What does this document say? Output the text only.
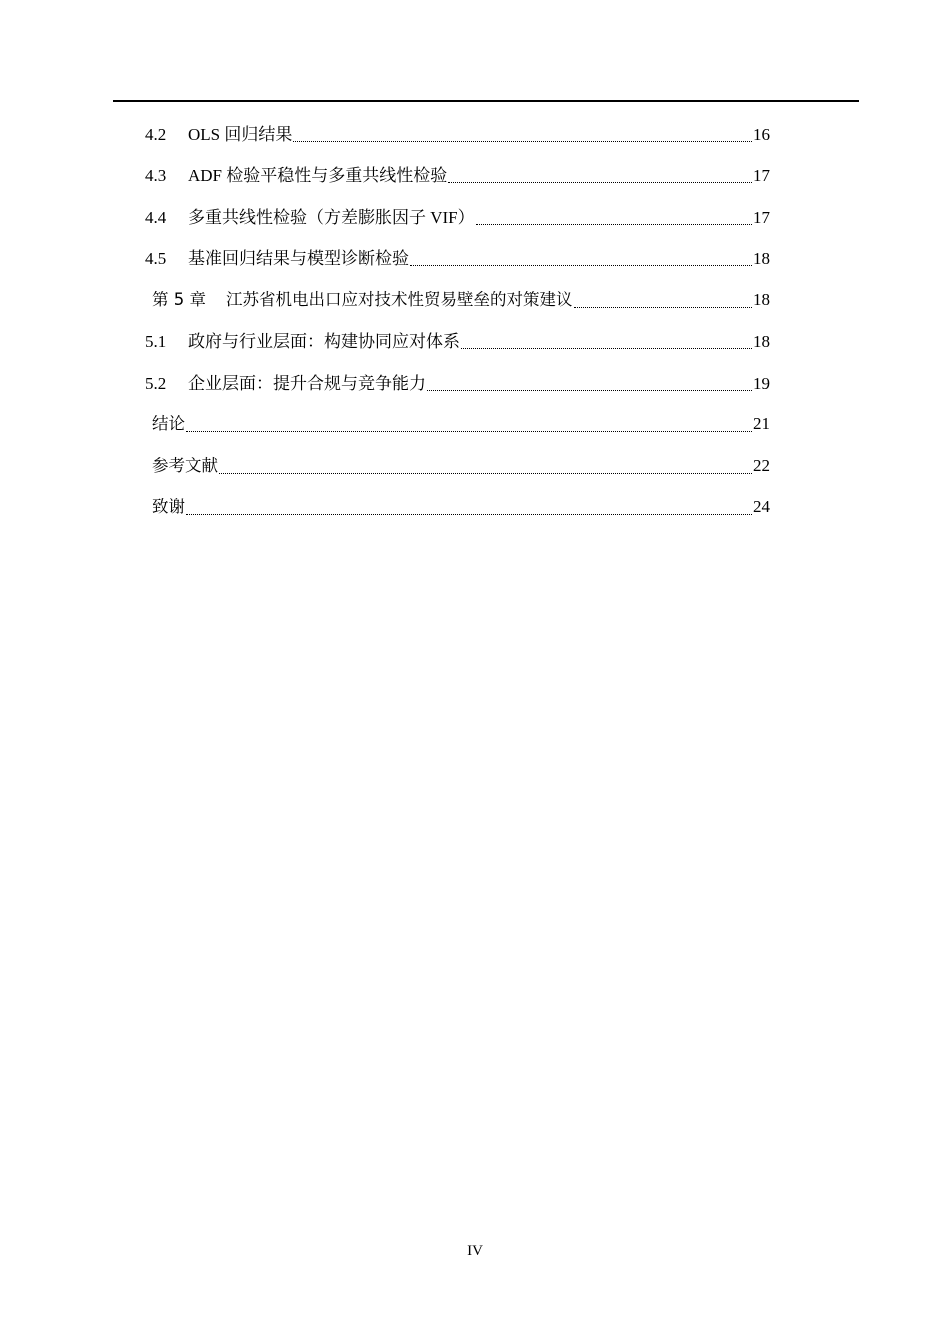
4.2	OLS 回归结果	16
4.3	ADF 检验平稳性与多重共线性检验	17
4.4	多重共线性检验（方差膨胀因子 VIF）	17
4.5	基准回归结果与模型诊断检验	18
第 5 章 江苏省机电出口应对技术性贸易壁垒的对策建议	18
5.1	政府与行业层面：构建协同应对体系	18
5.2	企业层面：提升合规与竞争能力	19
结论	21
参考文献	22
致谢	24
IV
